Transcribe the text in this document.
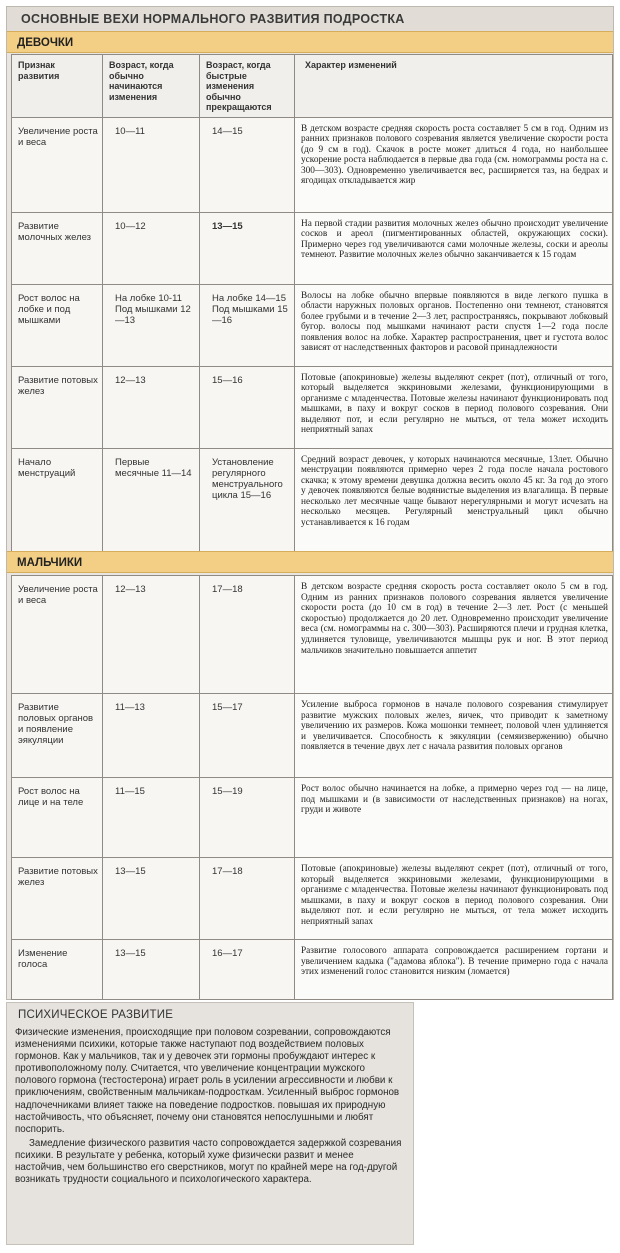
ОСНОВНЫЕ ВЕХИ НОРМАЛЬНОГО РАЗВИТИЯ ПОДРОСТКА
ДЕВОЧКИ
Признак развития	Возраст, когда обычно начинаются изменения	Возраст, когда быстрые изменения обычно прекращаются	Характер изменений
Увеличение роста и веса	10—11	14—15	В детском возрасте средняя скорость роста составляет 5 см в год. Одним из ранних признаков полового созревания является увеличение скорости роста (до 9 см в год). Скачок в росте может длиться 4 года, но наибольшее ускорение роста наблюдается в первые два года (см. номограммы роста на с. 300—303). Одновременно увеличивается вес, расширяется таз, на бедрах и ягодицах откладывается жир
Развитие молочных желез	10—12	13—15	На первой стадии развития молочных желез обычно происходит увеличение сосков и ареол (пигментированных областей, окружающих соски). Примерно через год увеличиваются сами молочные железы, соски и ареолы темнеют. Развитие молочных желез обычно заканчивается к 15 годам
Рост волос на лобке и под мышками	На лобке 10-11 Под мышками 12—13	На лобке 14—15 Под мышками 15—16	Волосы на лобке обычно впервые появляются в виде легкого пушка в области наружных половых органов. Постепенно они темнеют, становятся более грубыми и в течение 2—3 лет, распространяясь, покрывают лобковый бугор. волосы под мышками начинают расти спустя 1—2 года после появления волос на лобке. Характер распространения, цвет и густота волос зависят от наследственных факторов и расовой принадлежности
Развитие потовых желез	12—13	15—16	Потовые (апокриновые) железы выделяют секрет (пот), отличный от того, который выделяется эккриновыми железами, функционирующими в организме с младенчества. Потовые железы начинают функционировать под мышками, в паху и вокруг сосков в период полового созревания. Они выделяют пот, и если регулярно не мыться, от тела может исходить неприятный запах
Начало менструаций	Первые месячные 11—14	Установление регулярного менструального цикла 15—16	Средний возраст девочек, у которых начинаются месячные, 13лет. Обычно менструации появляются примерно через 2 года после начала ростового скачка; к этому времени девушка должна весить около 45 кг. За год до этого у девочек появляются белые водянистые выделения из влагалища. В первые несколько лет месячные чаще бывают нерегулярными и могут исчезать на несколько месяцев. Регулярный менструальный цикл обычно устанавливается к 16 годам
МАЛЬЧИКИ
Увеличение роста и веса	12—13	17—18	В детском возрасте средняя скорость роста составляет около 5 см в год. Одним из ранних признаков полового созревания является увеличение скорости роста (до 10 см в год) в течение 2—3 лет. Рост (с меньшей скоростью) продолжается до 20 лет. Одновременно происходит увеличение веса (см. номограммы на с. 300—303). Расширяются плечи и грудная клетка, удлиняется туловище, увеличиваются мышцы рук и ног. В этот период мальчиков значительно повышается аппетит
Развитие половых органов и появление эякуляции	11—13	15—17	Усиление выброса гормонов в начале полового созревания стимулирует развитие мужских половых желез, яичек, что приводит к заметному увеличению их размеров. Кожа мошонки темнеет, половой член удлиняется и увеличивается. Способность к эякуляции (семяизвержению) обычно появляется в течение двух лет с начала развития половых органов
Рост волос на лице и на теле	11—15	15—19	Рост волос обычно начинается на лобке, а примерно через год — на лице, под мышками и (в зависимости от наследственных признаков) на ногах, груди и животе
Развитие потовых желез	13—15	17—18	Потовые (апокриновые) железы выделяют секрет (пот), отличный от того, который выделяется эккриновыми железами, функционирующими в организме с младенчества. Потовые железы начинают функционировать под мышками, в паху и вокруг сосков в период полового созревания. Они выделяют пот. и если регулярно не мыться, от тела может исходить неприятный запах
Изменение голоса	13—15	16—17	Развитие голосового аппарата сопровождается расширением гортани и увеличением кадыка ("адамова яблока"). В течение примерно года с начала этих изменений голос становится низким (ломается)
ПСИХИЧЕСКОЕ РАЗВИТИЕ

Физические изменения, происходящие при половом созревании, сопровождаются изменениями психики, которые также наступают под воздействием половых гормонов. Как у мальчиков, так и у девочек эти гормоны пробуждают интерес к противоположному полу. Считается, что увеличение концентрации мужского полового гормона (тестостерона) играет роль в усилении агрессивности и любви к приключениям, свойственным мальчикам-подросткам. Усиленный выброс гормонов надпочечниками влияет также на поведение подростков. повышая их природную настойчивость, что объясняет, почему они становятся непослушными и любят поспорить.

Замедление физического развития часто сопровождается задержкой созревания психики. В результате у ребенка, который хуже физически развит и менее настойчив, чем большинство его сверстников, могут по крайней мере на год-другой возникать трудности социального и психологического характера.
